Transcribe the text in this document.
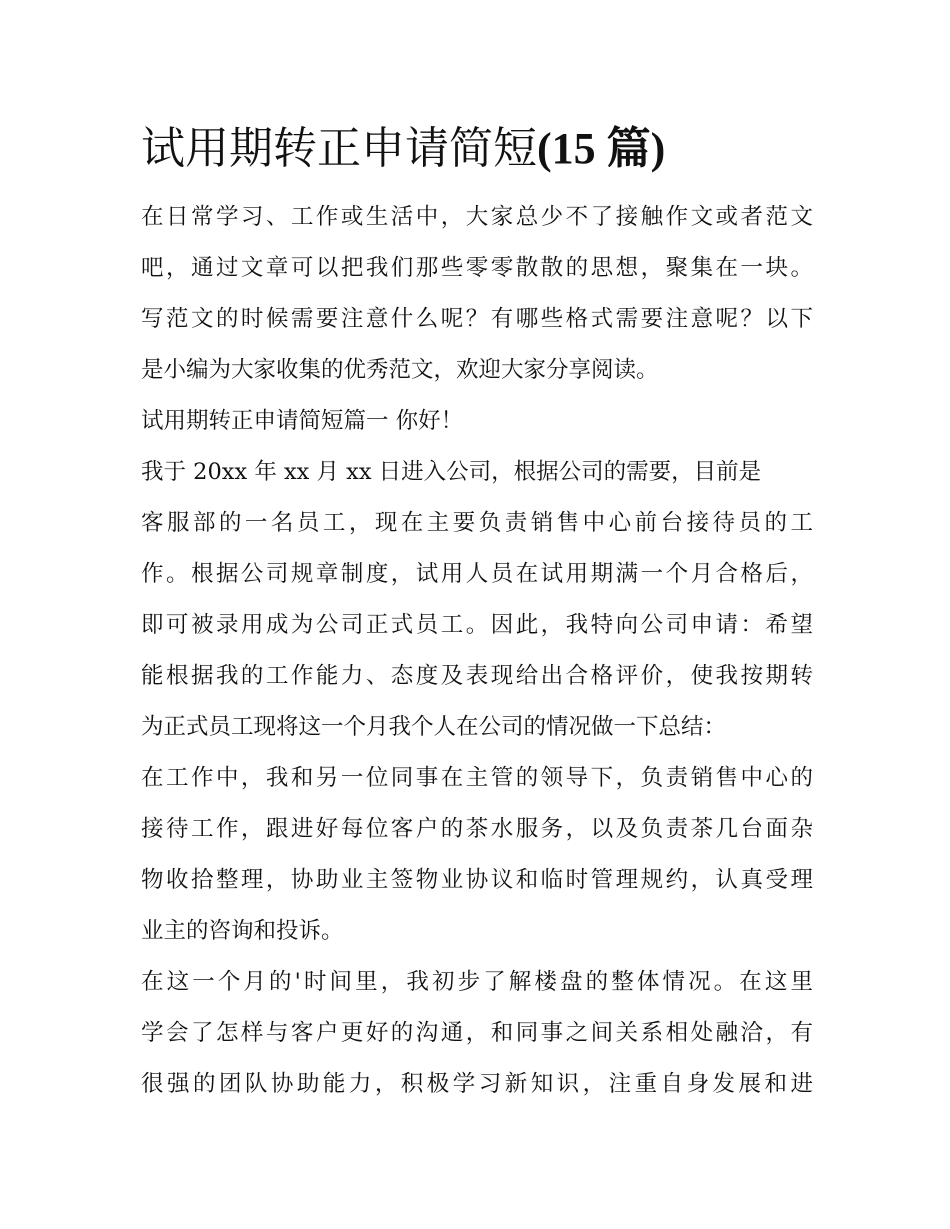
试用期转正申请简短(15 篇)

在日常学习、工作或生活中，大家总少不了接触作文或者范文

吧，通过文章可以把我们那些零零散散的思想，聚集在一块。

写范文的时候需要注意什么呢？有哪些格式需要注意呢？以下

是小编为大家收集的优秀范文，欢迎大家分享阅读。

试用期转正申请简短篇一 你好！

我于 20xx 年 xx 月 xx 日进入公司，根据公司的需要，目前是

客服部的一名员工，现在主要负责销售中心前台接待员的工

作。根据公司规章制度，试用人员在试用期满一个月合格后，

即可被录用成为公司正式员工。因此，我特向公司申请：希望

能根据我的工作能力、态度及表现给出合格评价，使我按期转

为正式员工现将这一个月我个人在公司的情况做一下总结：

在工作中，我和另一位同事在主管的领导下，负责销售中心的

接待工作，跟进好每位客户的茶水服务，以及负责茶几台面杂

物收拾整理，协助业主签物业协议和临时管理规约，认真受理

业主的咨询和投诉。

在这一个月的'时间里，我初步了解楼盘的整体情况。在这里

学会了怎样与客户更好的沟通，和同事之间关系相处融洽，有

很强的团队协助能力，积极学习新知识，注重自身发展和进
